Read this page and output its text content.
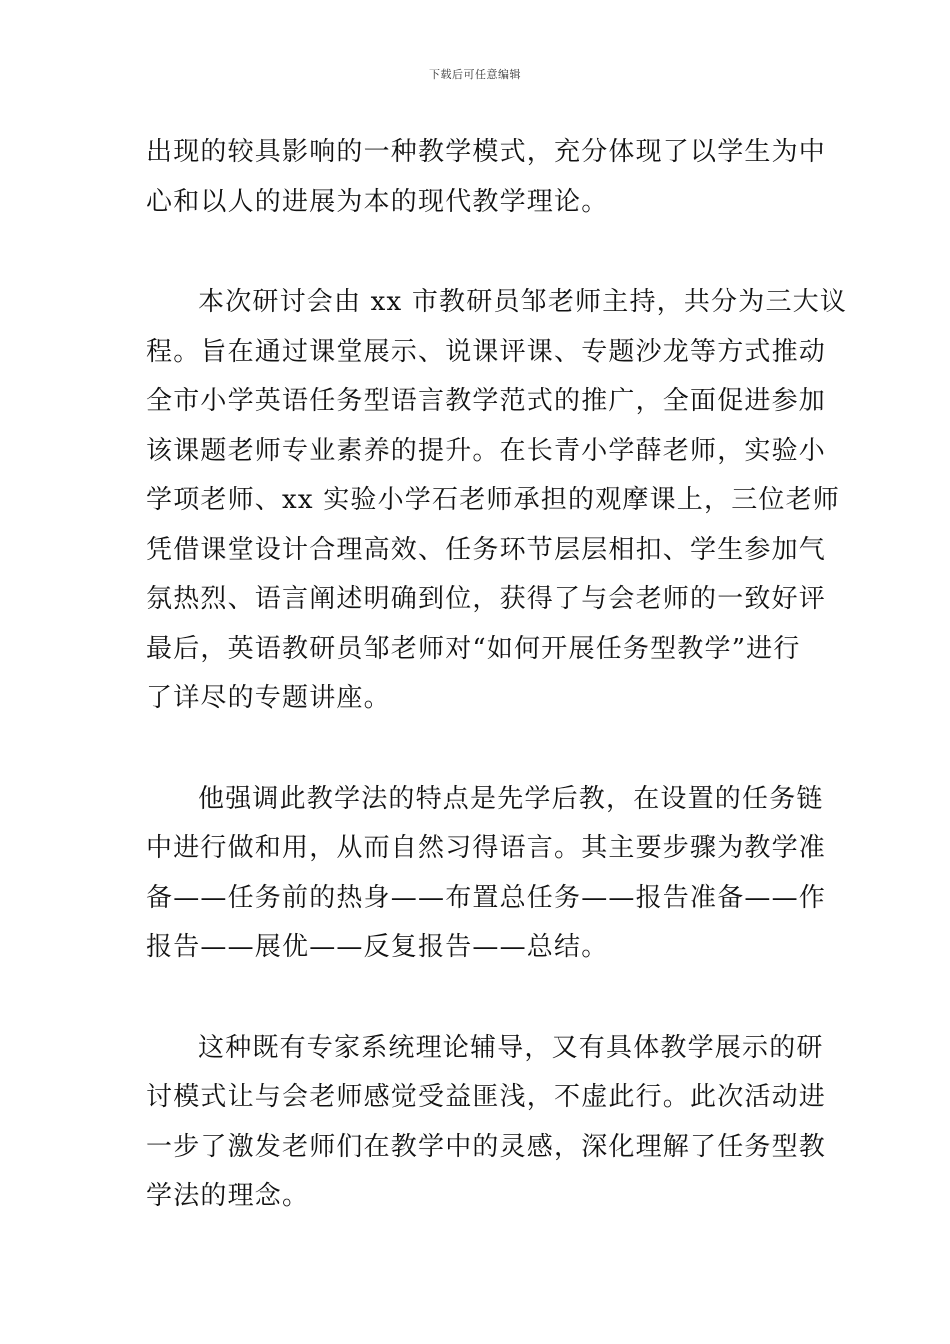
下载后可任意编辑

出现的较具影响的一种教学模式，充分体现了以学生为中
心和以人的进展为本的现代教学理论。

本次研讨会由 xx 市教研员邹老师主持，共分为三大议
程。旨在通过课堂展示、说课评课、专题沙龙等方式推动
全市小学英语任务型语言教学范式的推广，全面促进参加
该课题老师专业素养的提升。在长青小学薛老师，实验小
学项老师、xx 实验小学石老师承担的观摩课上，三位老师
凭借课堂设计合理高效、任务环节层层相扣、学生参加气
氛热烈、语言阐述明确到位，获得了与会老师的一致好评
最后，英语教研员邹老师对“如何开展任务型教学”进行
了详尽的专题讲座。

他强调此教学法的特点是先学后教，在设置的任务链
中进行做和用，从而自然习得语言。其主要步骤为教学准
备——任务前的热身——布置总任务——报告准备——作
报告——展优——反复报告——总结。

这种既有专家系统理论辅导，又有具体教学展示的研
讨模式让与会老师感觉受益匪浅，不虚此行。此次活动进
一步了激发老师们在教学中的灵感，深化理解了任务型教
学法的理念。
